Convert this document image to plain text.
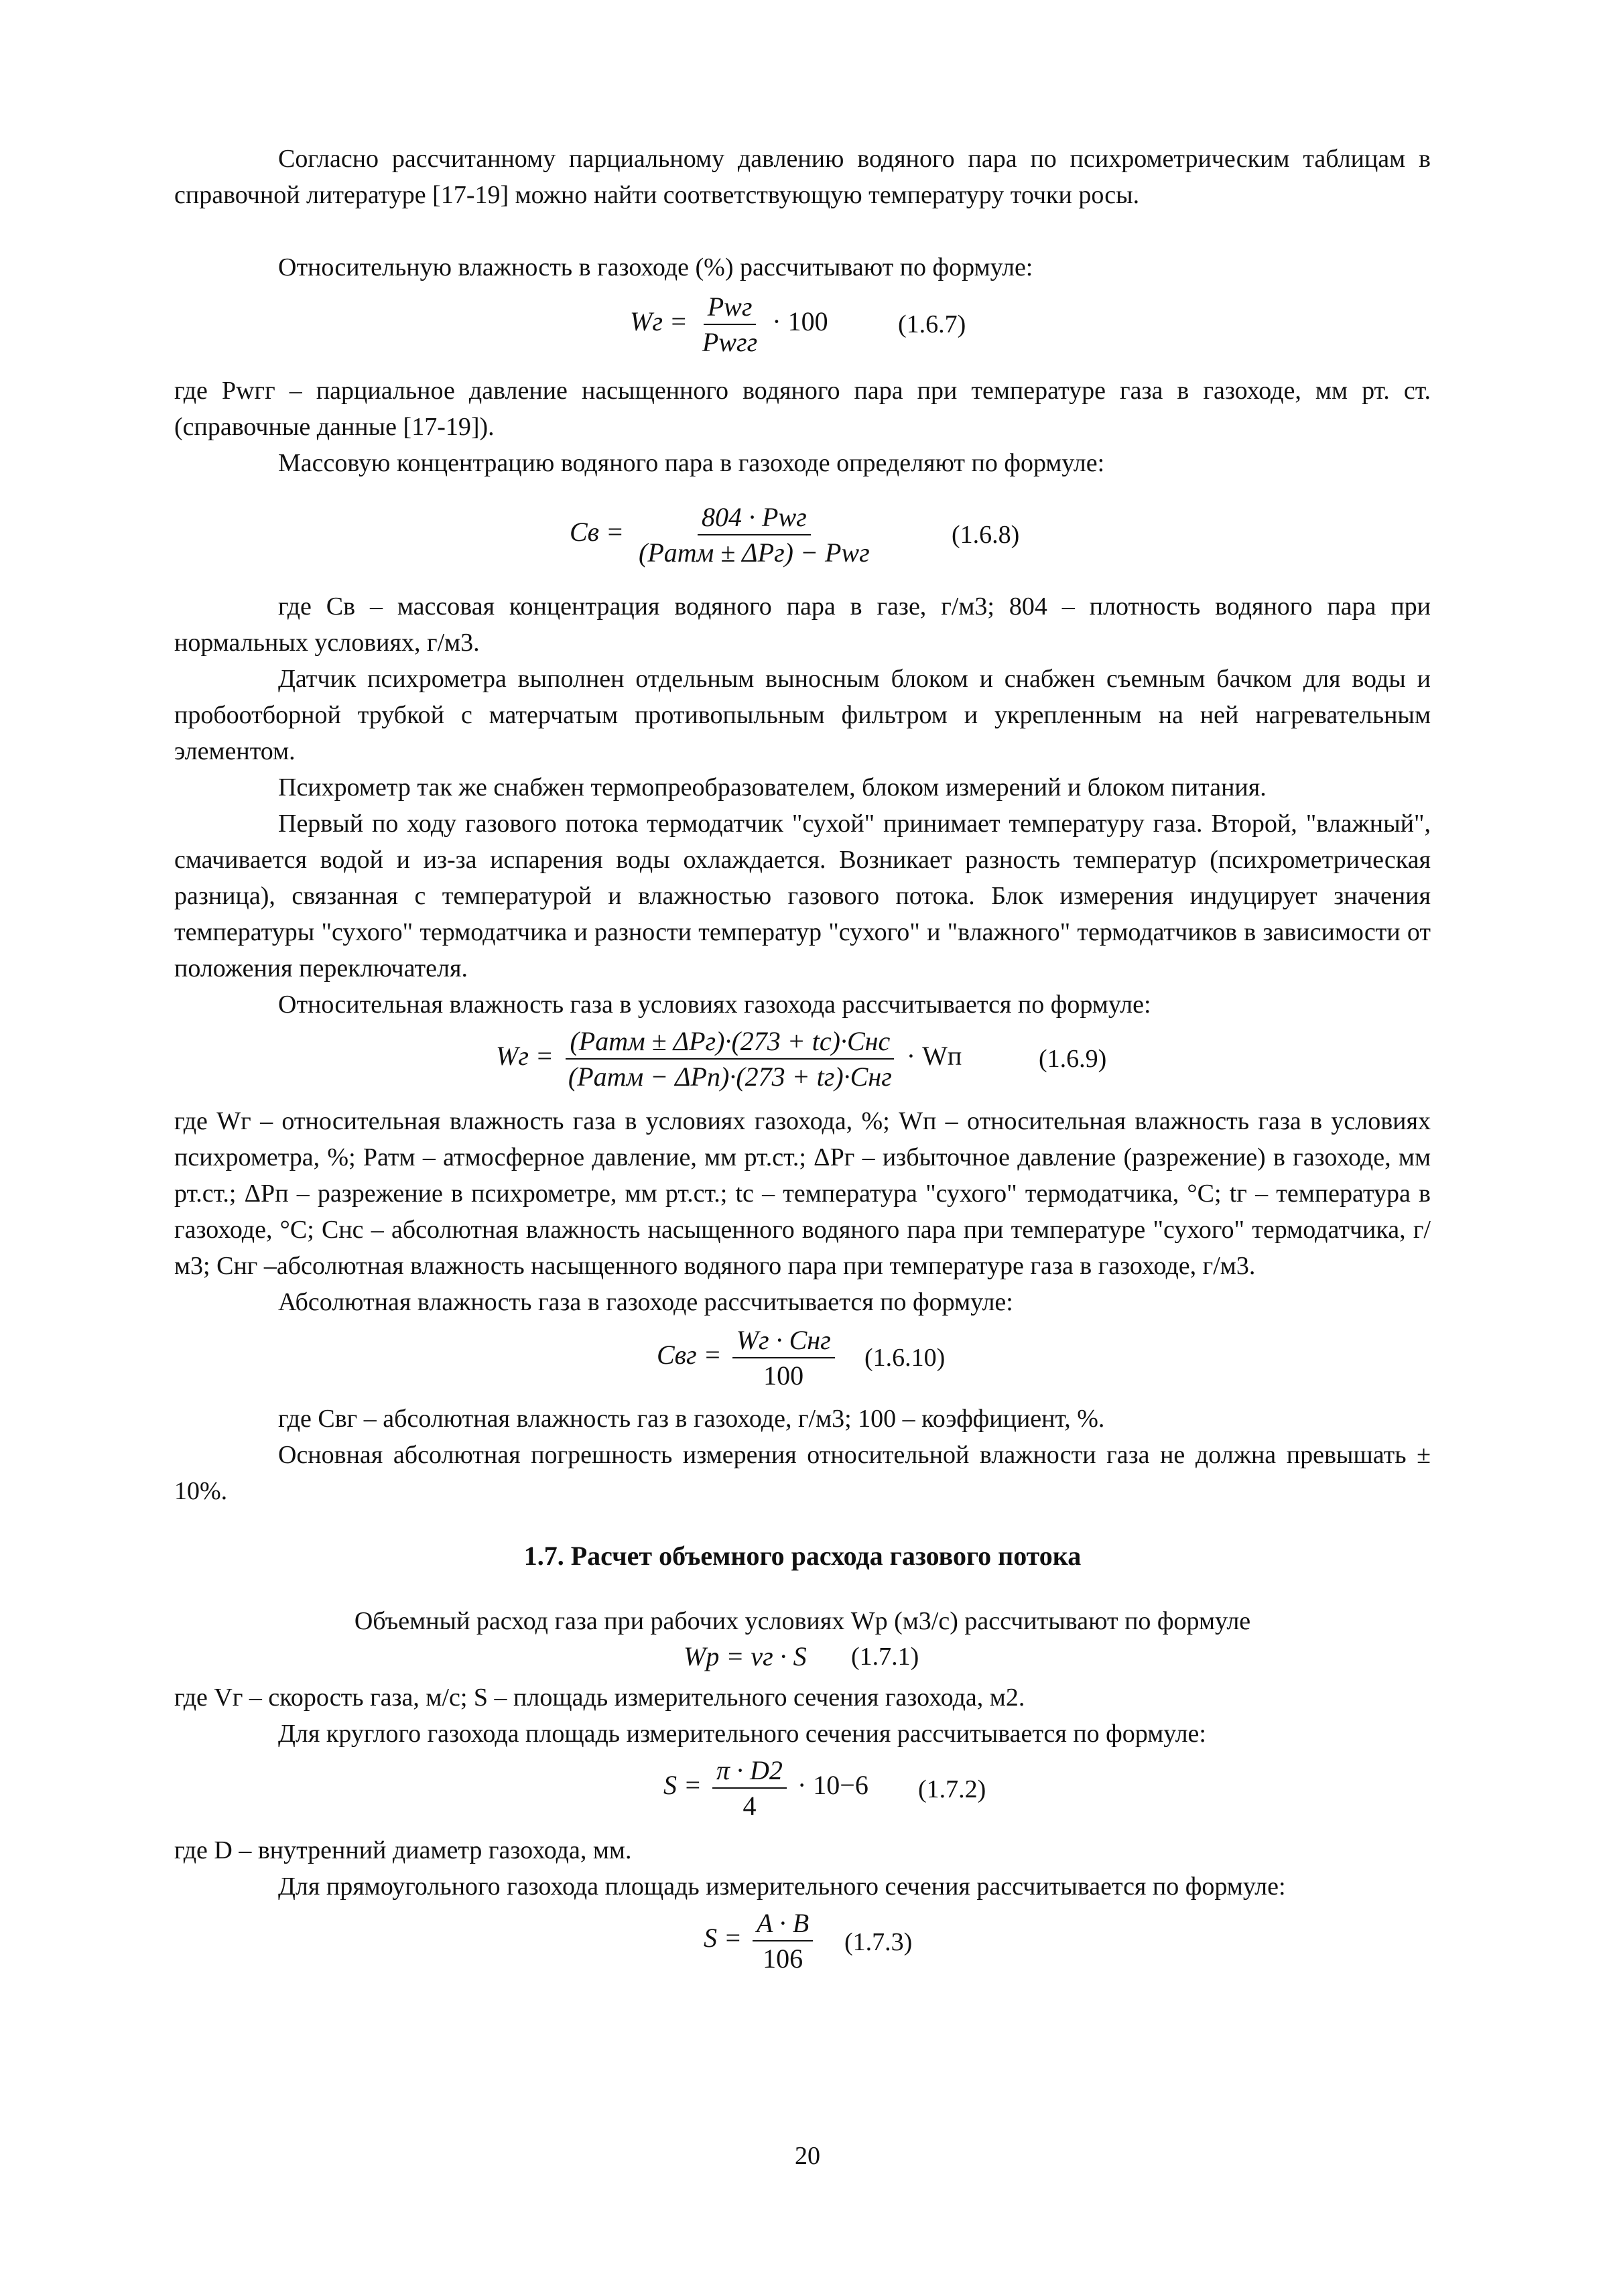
Согласно рассчитанному парциальному давлению водяного пара по психрометрическим таблицам в справочной литературе [17-19] можно найти соответствующую температуру точки росы.

Относительную влажность в газоходе (%) рассчитывают по формуле:

Wг = $\frac{\text{Pwг}}{\text{Pwгг}} \cdot 100$	(1.6.7)

где Pwгг – парциальное давление насыщенного водяного пара при температуре газа в газоходе, мм рт. ст. (справочные данные [17-19]).

Массовую концентрацию водяного пара в газоходе определяют по формуле:

Cв = $\frac{\text{804 · Pwг}}{\text{(Pатм ± ΔPг) − Pwг}}$	(1.6.8)

где Cв – массовая концентрация водяного пара в газе, г/м3; 804 – плотность водяного пара при нормальных условиях, г/м3.

Датчик психрометра выполнен отдельным выносным блоком и снабжен съемным бачком для воды и пробоотборной трубкой с матерчатым противопыльным фильтром и укрепленным на ней нагревательным элементом.

Психрометр так же снабжен термопреобразователем, блоком измерений и блоком питания.

Первый по ходу газового потока термодатчик "сухой" принимает температуру газа. Второй, "влажный", смачивается водой и из-за испарения воды охлаждается. Возникает разность температур (психрометрическая разница), связанная с температурой и влажностью газового потока. Блок измерения индуцирует значения температуры "сухого" термодатчика и разности температур "сухого" и "влажного" термодатчиков в зависимости от положения переключателя.

Относительная влажность газа в условиях газохода рассчитывается по формуле:

Wг = $\frac{\text{(Pатм ± ΔPг)·(273 + tс)·Cнс}}{\text{(Pатм − ΔPп)·(273 + tг)·Cнг}}$ · Wп	(1.6.9)

где Wг – относительная влажность газа в условиях газохода, %; Wп – относительная влажность газа в условиях психрометра, %; Pатм – атмосферное давление, мм рт.ст.; ΔPг – избыточное давление (разрежение) в газоходе, мм рт.ст.; ΔPп – разрежение в психрометре, мм рт.ст.; tс – температура "сухого" термодатчика, °С; tг – температура в газоходе, °С; Cнс – абсолютная влажность насыщенного водяного пара при температуре "сухого" термодатчика, г/м3; Cнг –абсолютная влажность насыщенного водяного пара при температуре газа в газоходе, г/м3.

Абсолютная влажность газа в газоходе рассчитывается по формуле:

Cвг = $\frac{\text{Wг · Cнг}}{100} (1.6.10)$

где Cвг – абсолютная влажность газ в газоходе, г/м3; 100 – коэффициент, %.

Основная абсолютная погрешность измерения относительной влажности газа не должна превышать ± 10%.

1.7. Расчет объемного расхода газового потока

Объемный расход газа при рабочих условиях Wр (м3/с) рассчитывают по формуле

Wр = vг · S (1.7.1)

где Vг – скорость газа, м/с; S – площадь измерительного сечения газохода, м2.

Для круглого газохода площадь измерительного сечения рассчитывается по формуле:

$S = \frac{\pi \cdot D2}{4} \cdot 10-6$ (1.7.2)

где D – внутренний диаметр газохода, мм.

Для прямоугольного газохода площадь измерительного сечения рассчитывается по формуле:

$S = \frac{A \cdot B}{106} (1.7.3)$
20
